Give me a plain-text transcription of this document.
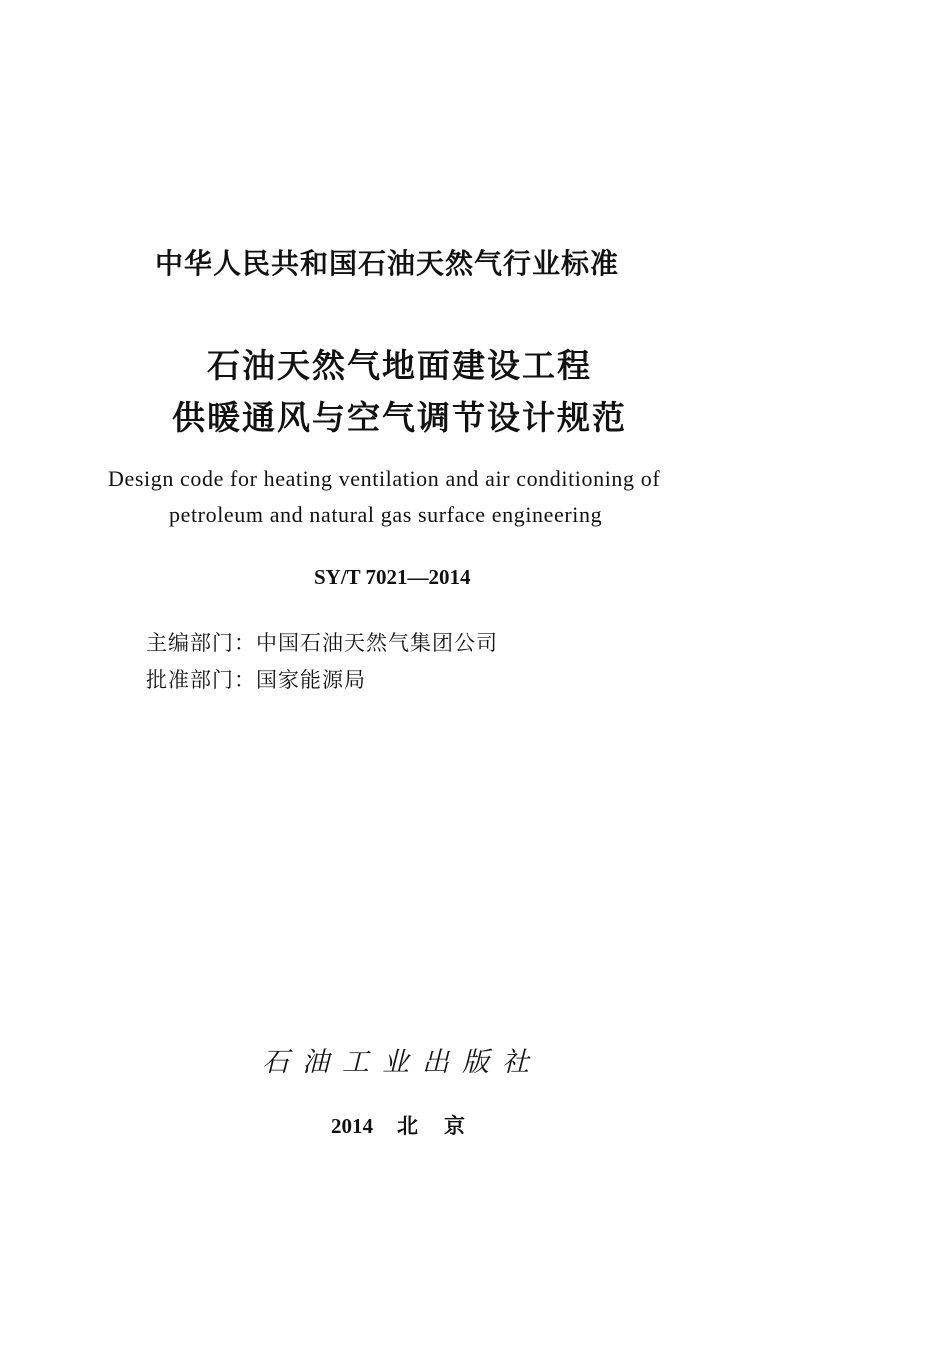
中华人民共和国石油天然气行业标准
石油天然气地面建设工程
供暖通风与空气调节设计规范
Design code for heating ventilation and air conditioning of
petroleum and natural gas surface engineering
SY/T 7021—2014
主编部门：中国石油天然气集团公司
批准部门：国家能源局
石油工业出版社
2014 北京
